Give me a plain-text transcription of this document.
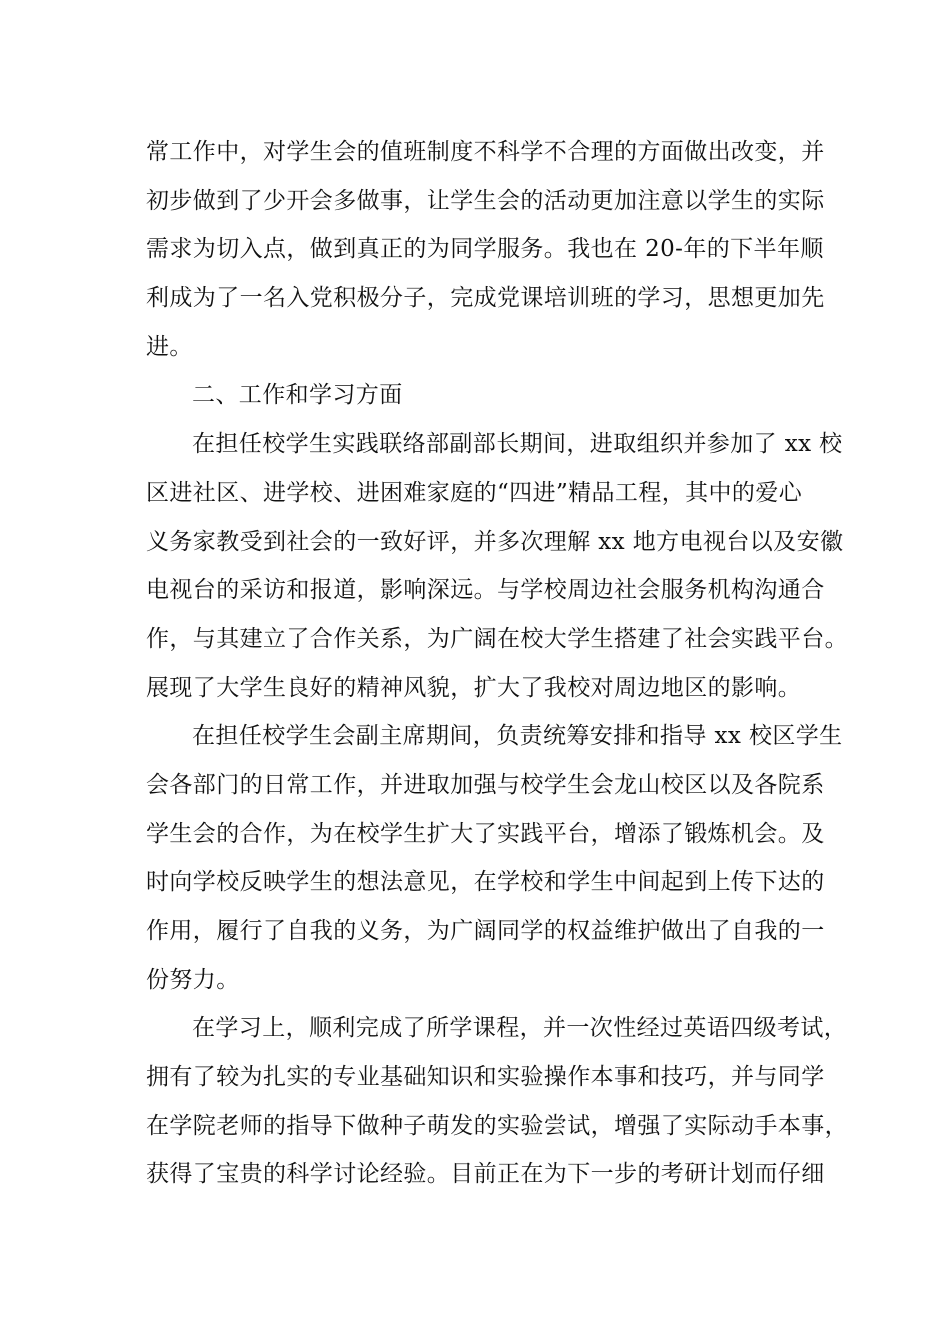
常工作中，对学生会的值班制度不科学不合理的方面做出改变，并
初步做到了少开会多做事，让学生会的活动更加注意以学生的实际
需求为切入点，做到真正的为同学服务。我也在 20-年的下半年顺
利成为了一名入党积极分子，完成党课培训班的学习，思想更加先
进。
二、工作和学习方面
在担任校学生实践联络部副部长期间，进取组织并参加了 xx 校
区进社区、进学校、进困难家庭的“四进”精品工程，其中的爱心
义务家教受到社会的一致好评，并多次理解 xx 地方电视台以及安徽
电视台的采访和报道，影响深远。与学校周边社会服务机构沟通合
作，与其建立了合作关系，为广阔在校大学生搭建了社会实践平台。
展现了大学生良好的精神风貌，扩大了我校对周边地区的影响。
在担任校学生会副主席期间，负责统筹安排和指导 xx 校区学生
会各部门的日常工作，并进取加强与校学生会龙山校区以及各院系
学生会的合作，为在校学生扩大了实践平台，增添了锻炼机会。及
时向学校反映学生的想法意见，在学校和学生中间起到上传下达的
作用，履行了自我的义务，为广阔同学的权益维护做出了自我的一
份努力。
在学习上，顺利完成了所学课程，并一次性经过英语四级考试，
拥有了较为扎实的专业基础知识和实验操作本事和技巧，并与同学
在学院老师的指导下做种子萌发的实验尝试，增强了实际动手本事，
获得了宝贵的科学讨论经验。目前正在为下一步的考研计划而仔细
